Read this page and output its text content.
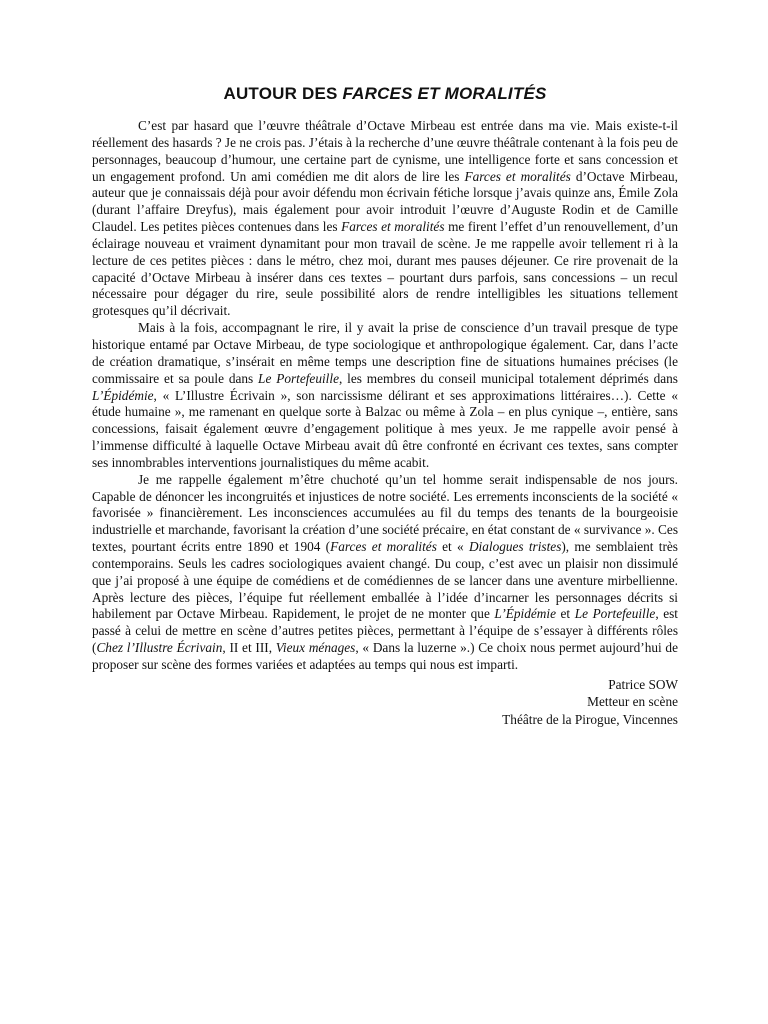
AUTOUR DES FARCES ET MORALITÉS

C’est par hasard que l’œuvre théâtrale d’Octave Mirbeau est entrée dans ma vie. Mais existe-t-il réellement des hasards ? Je ne crois pas. J’étais à la recherche d’une œuvre théâtrale contenant à la fois peu de personnages, beaucoup d’humour, une certaine part de cynisme, une intelligence forte et sans concession et un engagement profond. Un ami comédien me dit alors de lire les Farces et moralités d’Octave Mirbeau, auteur que je connaissais déjà pour avoir défendu mon écrivain fétiche lorsque j’avais quinze ans, Émile Zola (durant l’affaire Dreyfus), mais également pour avoir introduit l’œuvre d’Auguste Rodin et de Camille Claudel. Les petites pièces contenues dans les Farces et moralités me firent l’effet d’un renouvellement, d’un éclairage nouveau et vraiment dynamitant pour mon travail de scène. Je me rappelle avoir tellement ri à la lecture de ces petites pièces : dans le métro, chez moi, durant mes pauses déjeuner. Ce rire provenait de la capacité d’Octave Mirbeau à insérer dans ces textes – pourtant durs parfois, sans concessions – un recul nécessaire pour dégager du rire, seule possibilité alors de rendre intelligibles les situations tellement grotesques qu’il décrivait.

Mais à la fois, accompagnant le rire, il y avait la prise de conscience d’un travail presque de type historique entamé par Octave Mirbeau, de type sociologique et anthropologique également. Car, dans l’acte de création dramatique, s’insérait en même temps une description fine de situations humaines précises (le commissaire et sa poule dans Le Portefeuille, les membres du conseil municipal totalement déprimés dans L’Épidémie, « L’Illustre Écrivain », son narcissisme délirant et ses approximations littéraires…). Cette « étude humaine », me ramenant en quelque sorte à Balzac ou même à Zola – en plus cynique –, entière, sans concessions, faisait également œuvre d’engagement politique à mes yeux. Je me rappelle avoir pensé à l’immense difficulté à laquelle Octave Mirbeau avait dû être confronté en écrivant ces textes, sans compter ses innombrables interventions journalistiques du même acabit.

Je me rappelle également m’être chuchoté qu’un tel homme serait indispensable de nos jours. Capable de dénoncer les incongruités et injustices de notre société. Les errements inconscients de la société « favorisée » financièrement. Les inconsciences accumulées au fil du temps des tenants de la bourgeoisie industrielle et marchande, favorisant la création d’une société précaire, en état constant de « survivance ». Ces textes, pourtant écrits entre 1890 et 1904 (Farces et moralités et « Dialogues tristes), me semblaient très contemporains. Seuls les cadres sociologiques avaient changé. Du coup, c’est avec un plaisir non dissimulé que j’ai proposé à une équipe de comédiens et de comédiennes de se lancer dans une aventure mirbellienne. Après lecture des pièces, l’équipe fut réellement emballée à l’idée d’incarner les personnages décrits si habilement par Octave Mirbeau. Rapidement, le projet de ne monter que L’Épidémie et Le Portefeuille, est passé à celui de mettre en scène d’autres petites pièces, permettant à l’équipe de s’essayer à différents rôles (Chez l’Illustre Écrivain, II et III, Vieux ménages, « Dans la luzerne ».) Ce choix nous permet aujourd’hui de proposer sur scène des formes variées et adaptées au temps qui nous est imparti.

Patrice SOW
Metteur en scène
Théâtre de la Pirogue, Vincennes
